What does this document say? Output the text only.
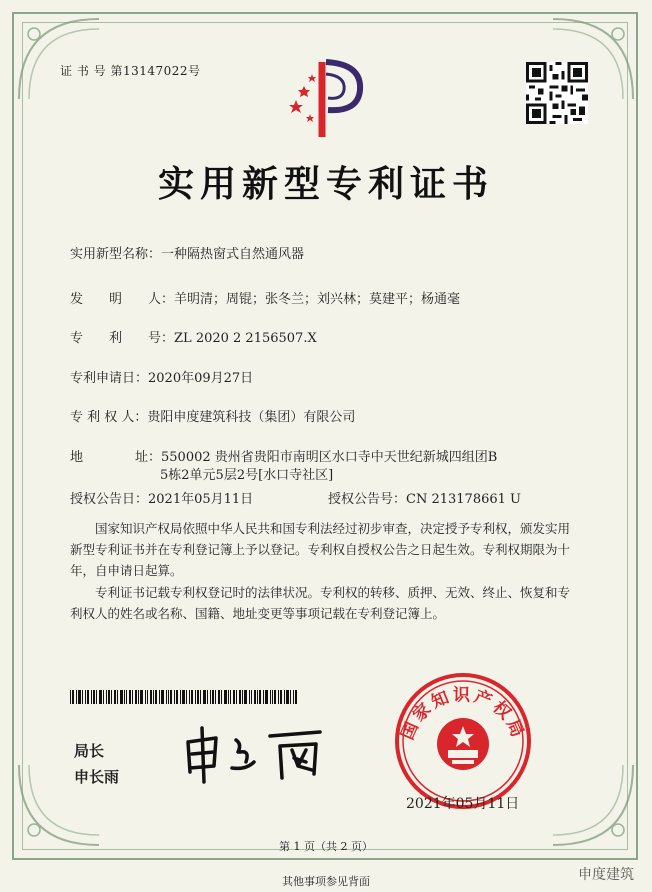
证 书 号 第13147022号
实用新型专利证书
实用新型名称：一种隔热窗式自然通风器
发　　明　　人：羊明清；周锟；张冬兰；刘兴林；莫建平；杨通毫
专　　利　　号：ZL 2020 2 2156507.X
专利申请日：2020年09月27日
专 利 权 人：贵阳申度建筑科技（集团）有限公司
地　　　　址：550002 贵州省贵阳市南明区水口寺中天世纪新城四组团B
5栋2单元5层2号[水口寺社区]
授权公告日：2021年05月11日	授权公告号：CN 213178661 U
国家知识产权局依照中华人民共和国专利法经过初步审查，决定授予专利权，颁发实用新型专利证书并在专利登记簿上予以登记。专利权自授权公告之日起生效。专利权期限为十年，自申请日起算。
专利证书记载专利权登记时的法律状况。专利权的转移、质押、无效、终止、恢复和专利权人的姓名或名称、国籍、地址变更等事项记载在专利登记簿上。
局长
申长雨
国家知识产权局
2021年05月11日
第 1 页（共 2 页）
其他事项参见背面	申度建筑
